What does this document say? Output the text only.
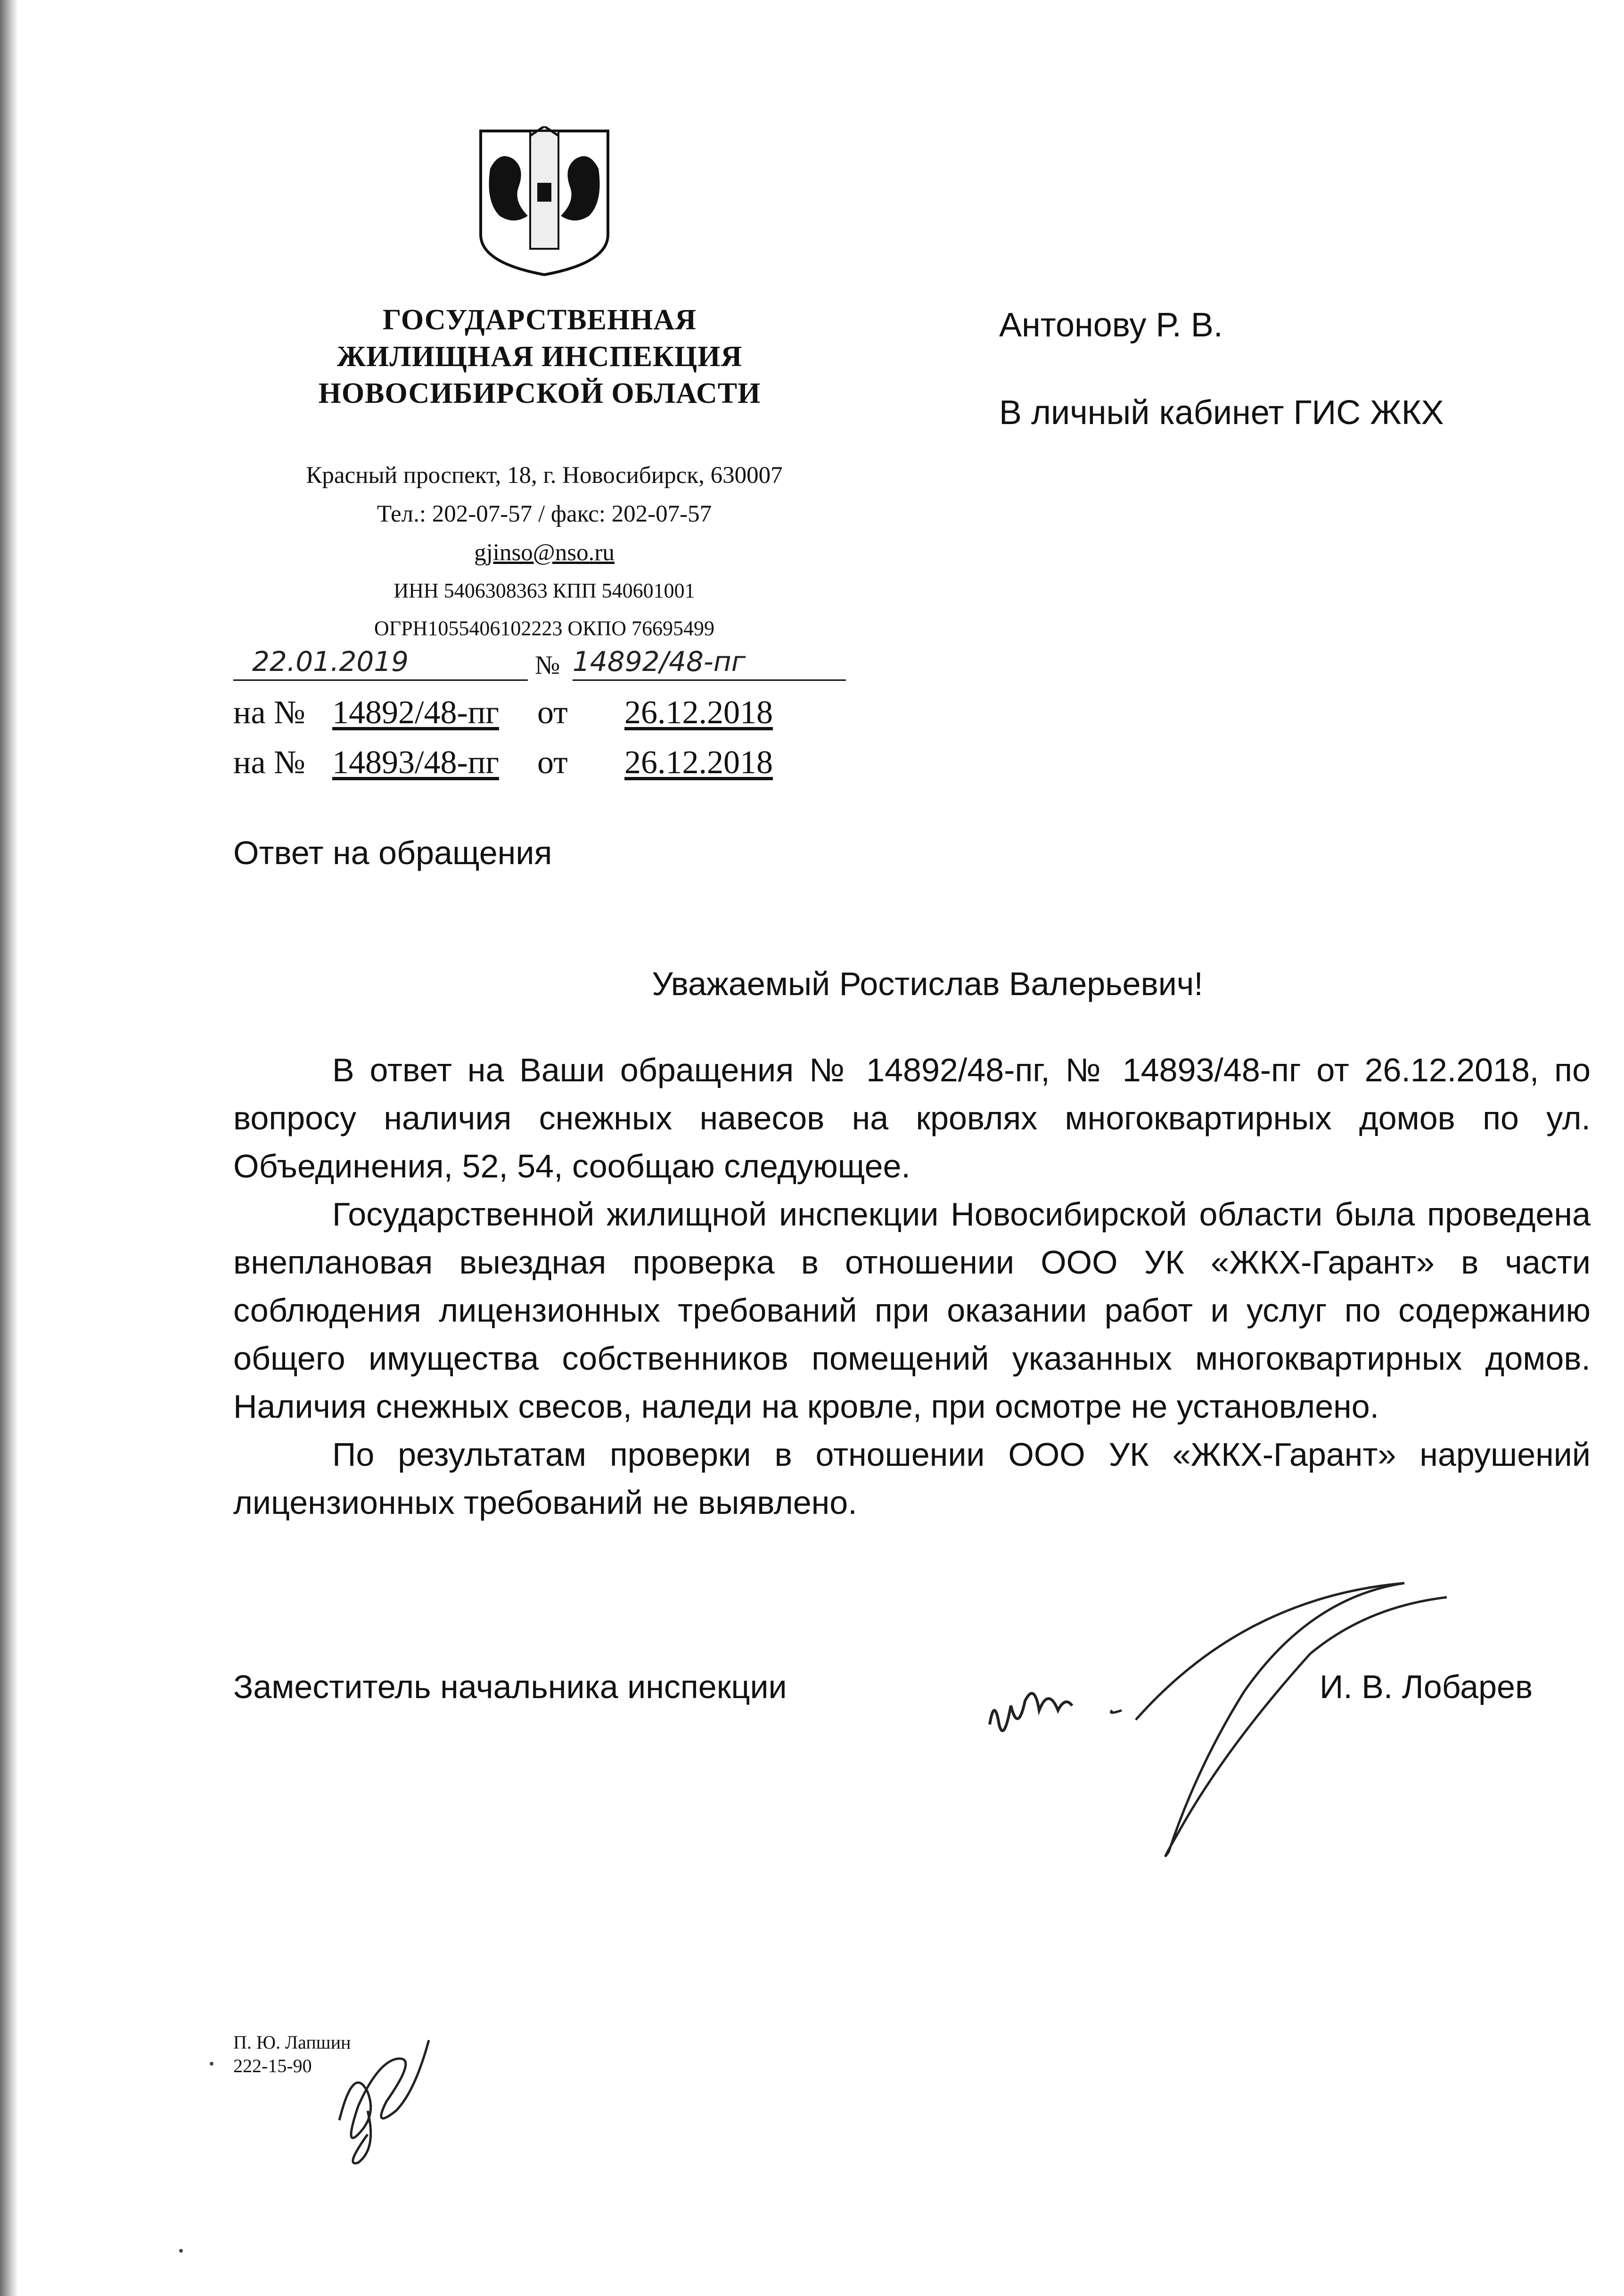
ГОСУДАРСТВЕННАЯ
ЖИЛИЩНАЯ ИНСПЕКЦИЯ
НОВОСИБИРСКОЙ ОБЛАСТИ
Красный проспект, 18, г. Новосибирск, 630007
Тел.: 202-07-57 / факс: 202-07-57
gjinso@nso.ru
ИНН 5406308363 КПП 540601001
ОГРН1055406102223 ОКПО 76695499
22.01.2019	№ 14892/48-пг
на № 14892/48-пг от 26.12.2018
на № 14893/48-пг от 26.12.2018
Ответ на обращения
Антонову Р. В.
В личный кабинет ГИС ЖКХ
Уважаемый Ростислав Валерьевич!

В ответ на Ваши обращения № 14892/48-пг, № 14893/48-пг от 26.12.2018, по вопросу наличия снежных навесов на кровлях многоквартирных домов по ул. Объединения, 52, 54, сообщаю следующее.

Государственной жилищной инспекции Новосибирской области была проведена внеплановая выездная проверка в отношении ООО УК «ЖКХ-Гарант» в части соблюдения лицензионных требований при оказании работ и услуг по содержанию общего имущества собственников помещений указанных многоквартирных домов. Наличия снежных свесов, наледи на кровле, при осмотре не установлено.

По результатам проверки в отношении ООО УК «ЖКХ-Гарант» нарушений лицензионных требований не выявлено.

Заместитель начальника инспекции	И. В. Лобарев
П. Ю. Лапшин
222-15-90
